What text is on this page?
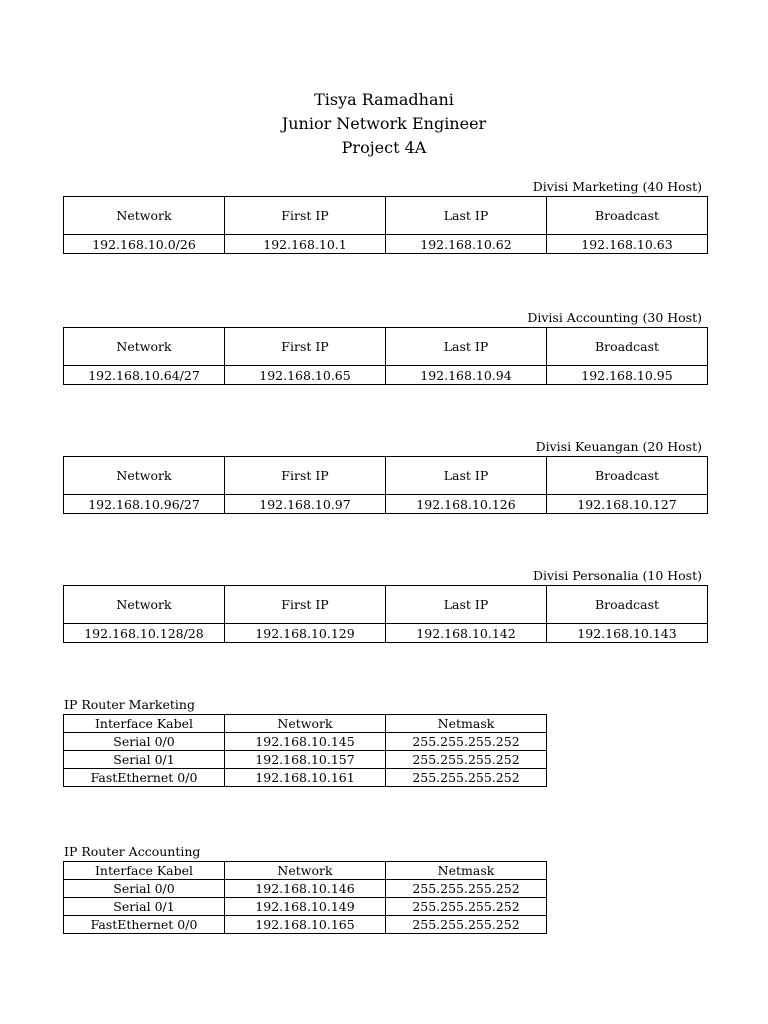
Tisya Ramadhani
Junior Network Engineer
Project 4A
Divisi Marketing (40 Host)
Network	First IP	Last IP	Broadcast
192.168.10.0/26	192.168.10.1	192.168.10.62	192.168.10.63
Divisi Accounting (30 Host)
Network	First IP	Last IP	Broadcast
192.168.10.64/27	192.168.10.65	192.168.10.94	192.168.10.95
Divisi Keuangan (20 Host)
Network	First IP	Last IP	Broadcast
192.168.10.96/27	192.168.10.97	192.168.10.126	192.168.10.127
Divisi Personalia (10 Host)
Network	First IP	Last IP	Broadcast
192.168.10.128/28	192.168.10.129	192.168.10.142	192.168.10.143
IP Router Marketing
Interface Kabel	Network	Netmask
Serial 0/0	192.168.10.145	255.255.255.252
Serial 0/1	192.168.10.157	255.255.255.252
FastEthernet 0/0	192.168.10.161	255.255.255.252
IP Router Accounting
Interface Kabel	Network	Netmask
Serial 0/0	192.168.10.146	255.255.255.252
Serial 0/1	192.168.10.149	255.255.255.252
FastEthernet 0/0	192.168.10.165	255.255.255.252
